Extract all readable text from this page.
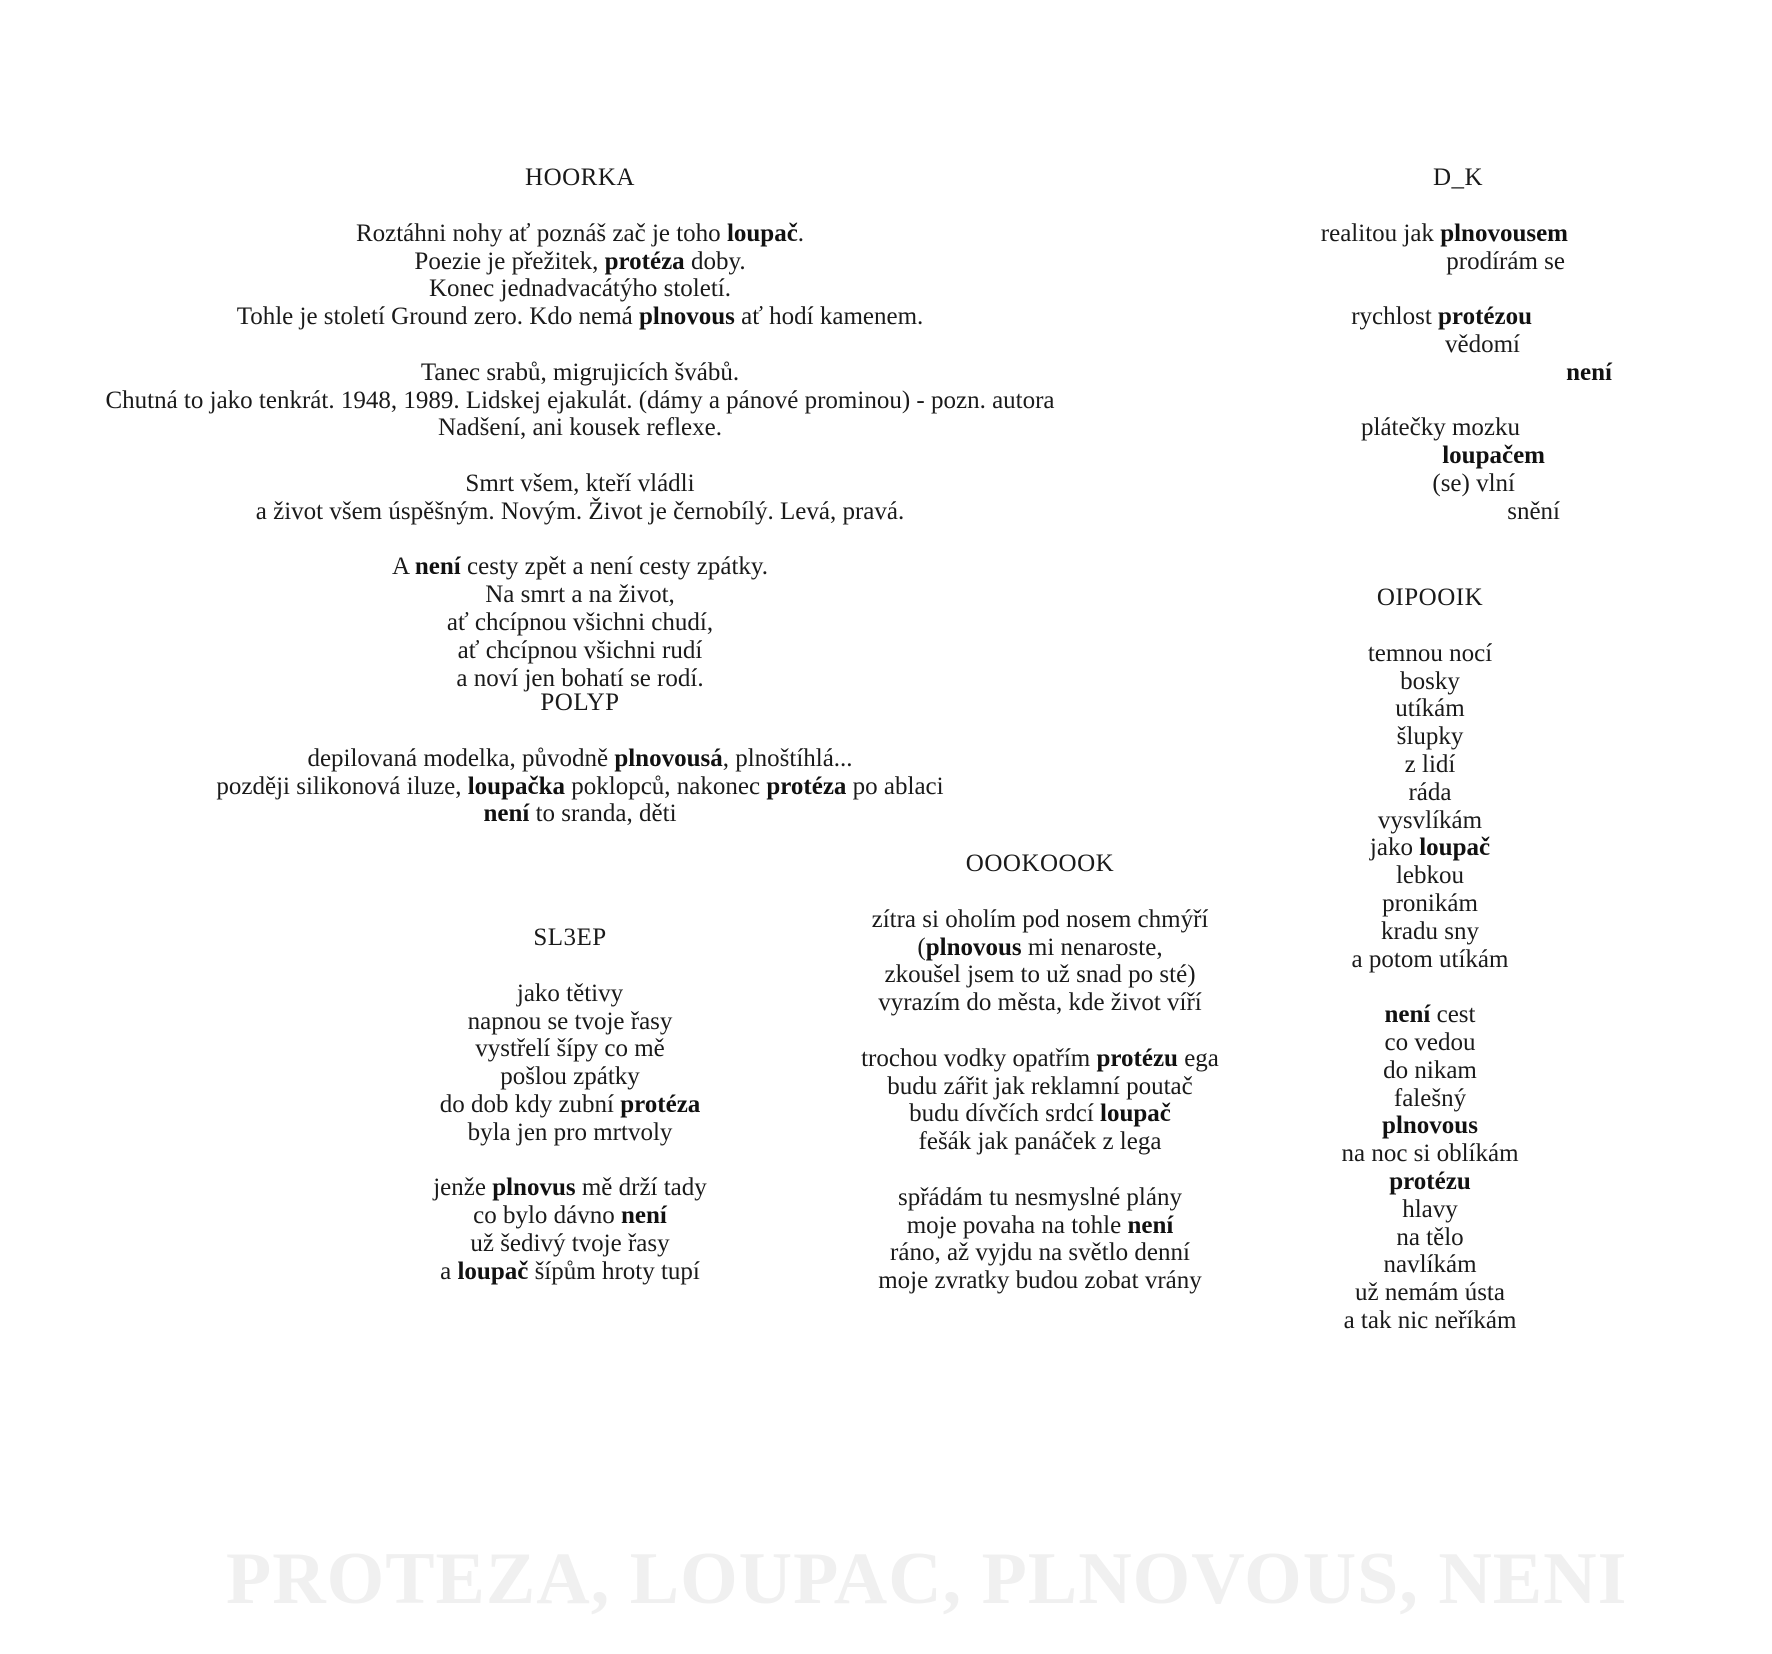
HOORKA
Roztáhni nohy ať poznáš zač je toho loupač.
Poezie je přežitek, protéza doby.
Konec jednadvacátýho století.
Tohle je století Ground zero. Kdo nemá plnovous ať hodí kamenem.
Tanec srabů, migrujicích švábů.
Chutná to jako tenkrát. 1948, 1989. Lidskej ejakulát. (dámy a pánové prominou) - pozn. autora
Nadšení, ani kousek reflexe.
Smrt všem, kteří vládli
a život všem úspěšným. Novým. Život je černobílý. Levá, pravá.
A není cesty zpět a není cesty zpátky.
Na smrt a na život,
ať chcípnou všichni chudí,
ať chcípnou všichni rudí
a noví jen bohatí se rodí.
POLYP
depilovaná modelka, původně plnovousá, plnoštíhlá...
později silikonová iluze, loupačka poklopců, nakonec protéza po ablaci
není to sranda, děti
SL3EP
jako tětivy
napnou se tvoje řasy
vystřelí šípy co mě
pošlou zpátky
do dob kdy zubní protéza
byla jen pro mrtvoly
jenže plnovus mě drží tady
co bylo dávno není
už šedivý tvoje řasy
a loupač šípům hroty tupí
OOOKOOOK
zítra si oholím pod nosem chmýří
(plnovous mi nenaroste,
zkoušel jsem to už snad po sté)
vyrazím do města, kde život víří
trochou vodky opatřím protézu ega
budu zářit jak reklamní poutač
budu dívčích srdcí loupač
fešák jak panáček z lega
spřádám tu nesmyslné plány
moje povaha na tohle není
ráno, až vyjdu na světlo denní
moje zvratky budou zobat vrány
D_K
realitou jak plnovousem
prodírám se
rychlost protézou
vědomí
není
plátečky mozku
loupačem
(se) vlní
snění
OIPOOIK
temnou nocí
bosky
utíkám
šlupky
z lidí
ráda
vysvlíkám
jako loupač
lebkou
pronikám
kradu sny
a potom utíkám
není cest
co vedou
do nikam
falešný
plnovous
na noc si oblíkám
protézu
hlavy
na tělo
navlíkám
už nemám ústa
a tak nic neříkám
PROTEZA, LOUPAC, PLNOVOUS, NENI
